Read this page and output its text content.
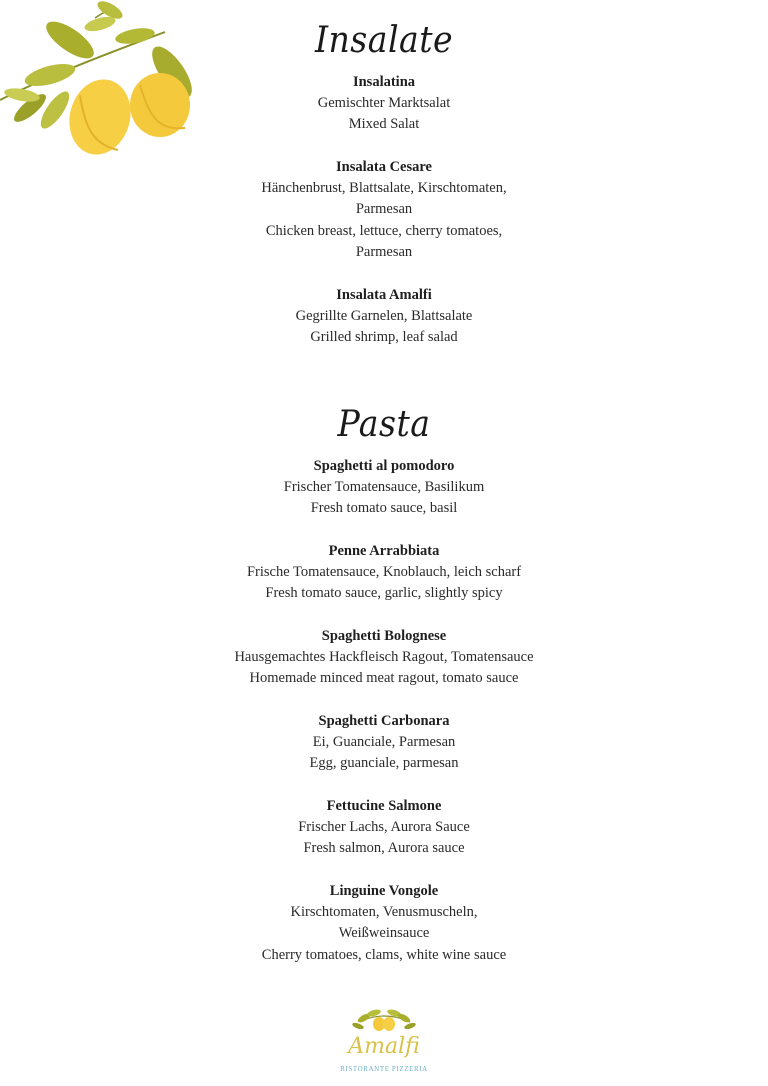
Insalate
Insalatina
Gemischter Marktsalat
Mixed Salat
Insalata Cesare
Hänchenbrust, Blattsalate, Kirschtomaten,
Parmesan
Chicken breast, lettuce, cherry tomatoes,
Parmesan
Insalata Amalfi
Gegrillte Garnelen, Blattsalate
Grilled shrimp, leaf salad
Pasta
Spaghetti al pomodoro
Frischer Tomatensauce, Basilikum
Fresh tomato sauce, basil
Penne Arrabbiata
Frische Tomatensauce, Knoblauch, leich scharf
Fresh tomato sauce, garlic, slightly spicy
Spaghetti Bolognese
Hausgemachtes Hackfleisch Ragout, Tomatensauce
Homemade minced meat ragout, tomato sauce
Spaghetti Carbonara
Ei, Guanciale, Parmesan
Egg, guanciale, parmesan
Fettucine Salmone
Frischer Lachs, Aurora Sauce
Fresh salmon, Aurora sauce
Linguine Vongole
Kirschtomaten, Venusmuscheln,
Weißweinsauce
Cherry tomatoes, clams, white wine sauce
Amalfi
RISTORANTE PIZZERIA
